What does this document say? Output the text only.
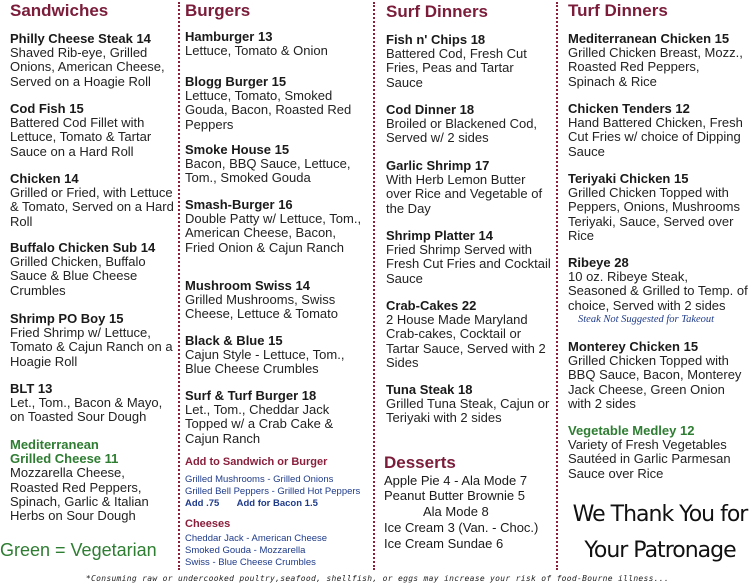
Sandwiches
Philly Cheese Steak 14
Shaved Rib-eye, Grilled Onions, American Cheese, Served on a Hoagie Roll
Cod Fish 15
Battered Cod Fillet with Lettuce, Tomato & Tartar Sauce on a Hard Roll
Chicken 14
Grilled or Fried, with Lettuce & Tomato, Served on a Hard Roll
Buffalo Chicken Sub 14
Grilled Chicken, Buffalo Sauce & Blue Cheese Crumbles
Shrimp PO Boy 15
Fried Shrimp w/ Lettuce, Tomato & Cajun Ranch on a Hoagie Roll
BLT 13
Let., Tom., Bacon & Mayo, on Toasted Sour Dough
Mediterranean Grilled Cheese 11
Mozzarella Cheese, Roasted Red Peppers, Spinach, Garlic & Italian Herbs on Sour Dough
Green = Vegetarian
Burgers
Hamburger 13
Lettuce, Tomato & Onion
Blogg Burger 15
Lettuce, Tomato, Smoked Gouda, Bacon, Roasted Red Peppers
Smoke House 15
Bacon, BBQ Sauce, Lettuce, Tom., Smoked Gouda
Smash-Burger 16
Double Patty w/ Lettuce, Tom., American Cheese, Bacon, Fried Onion & Cajun Ranch
Mushroom Swiss 14
Grilled Mushrooms, Swiss Cheese, Lettuce & Tomato
Black & Blue 15
Cajun Style - Lettuce, Tom., Blue Cheese Crumbles
Surf & Turf Burger 18
Let., Tom., Cheddar Jack Topped w/ a Crab Cake & Cajun Ranch
Add to Sandwich or Burger
Grilled Mushrooms - Grilled Onions
Grilled Bell Peppers - Grilled Hot Peppers
Add .75 Add for Bacon 1.5
Cheeses
Cheddar Jack - American Cheese
Smoked Gouda - Mozzarella
Swiss - Blue Cheese Crumbles
Surf Dinners
Fish n' Chips 18
Battered Cod, Fresh Cut Fries, Peas and Tartar Sauce
Cod Dinner 18
Broiled or Blackened Cod, Served w/ 2 sides
Garlic Shrimp 17
With Herb Lemon Butter over Rice and Vegetable of the Day
Shrimp Platter 14
Fried Shrimp Served with Fresh Cut Fries and Cocktail Sauce
Crab-Cakes 22
2 House Made Maryland Crab-cakes, Cocktail or Tartar Sauce, Served with 2 Sides
Tuna Steak 18
Grilled Tuna Steak, Cajun or Teriyaki with 2 sides
Desserts
Apple Pie 4 - Ala Mode 7
Peanut Butter Brownie 5
Ala Mode 8
Ice Cream 3 (Van. - Choc.)
Ice Cream Sundae 6
Turf Dinners
Mediterranean Chicken 15
Grilled Chicken Breast, Mozz., Roasted Red Peppers, Spinach & Rice
Chicken Tenders 12
Hand Battered Chicken, Fresh Cut Fries w/ choice of Dipping Sauce
Teriyaki Chicken 15
Grilled Chicken Topped with Peppers, Onions, Mushrooms Teriyaki, Sauce, Served over Rice
Ribeye 28
10 oz. Ribeye Steak, Seasoned & Grilled to Temp. of choice, Served with 2 sides
Steak Not Suggested for Takeout
Monterey Chicken 15
Grilled Chicken Topped with BBQ Sauce, Bacon, Monterey Jack Cheese, Green Onion with 2 sides
Vegetable Medley 12
Variety of Fresh Vegetables Sautéed in Garlic Parmesan Sauce over Rice
We Thank You for
Your Patronage
*Consuming raw or undercooked poultry,seafood, shellfish, or eggs may increase your risk of food-Bourne illness...
